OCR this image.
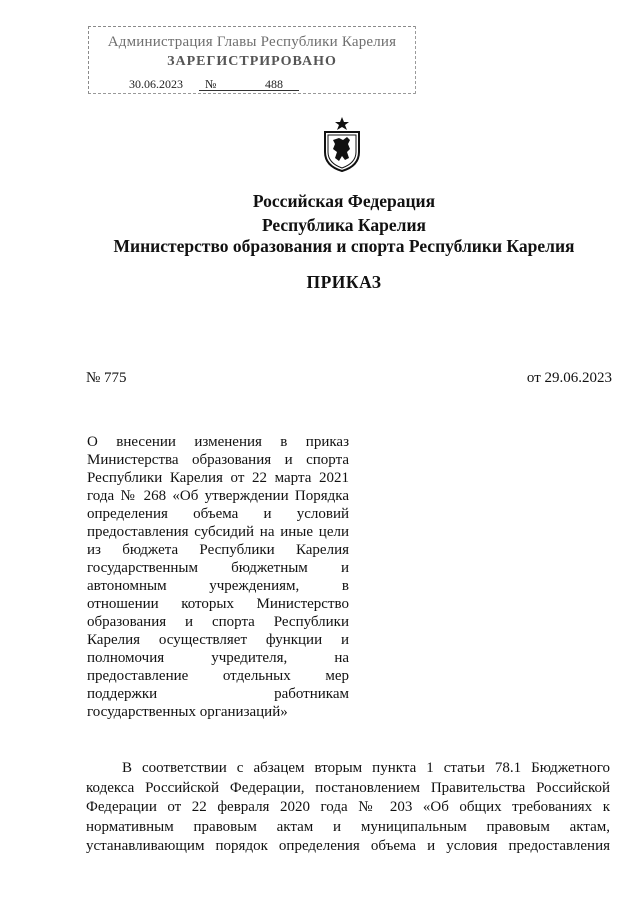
Администрация Главы Республики Карелия
ЗАРЕГИСТРИРОВАНО
30.06.2023 №	488
Российская Федерация
Республика Карелия
Министерство образования и спорта Республики Карелия
ПРИКАЗ
№ 775	от 29.06.2023
О внесении изменения в приказ
Министерства образования и спорта
Республики Карелия от 22 марта 2021
года № 268 «Об утверждении Порядка
определения объема и условий
предоставления субсидий на иные цели
из бюджета Республики Карелия
государственным бюджетным и
автономным учреждениям, в
отношении которых Министерство
образования и спорта Республики
Карелия осуществляет функции и
полномочия учредителя, на
предоставление отдельных мер
поддержки работникам
государственных организаций»
В соответствии с абзацем вторым пункта 1 статьи 78.1 Бюджетного
кодекса Российской Федерации, постановлением Правительства Российской
Федерации от 22 февраля 2020 года № 203 «Об общих требованиях к
нормативным правовым актам и муниципальным правовым актам,
устанавливающим порядок определения объема и условия предоставления
